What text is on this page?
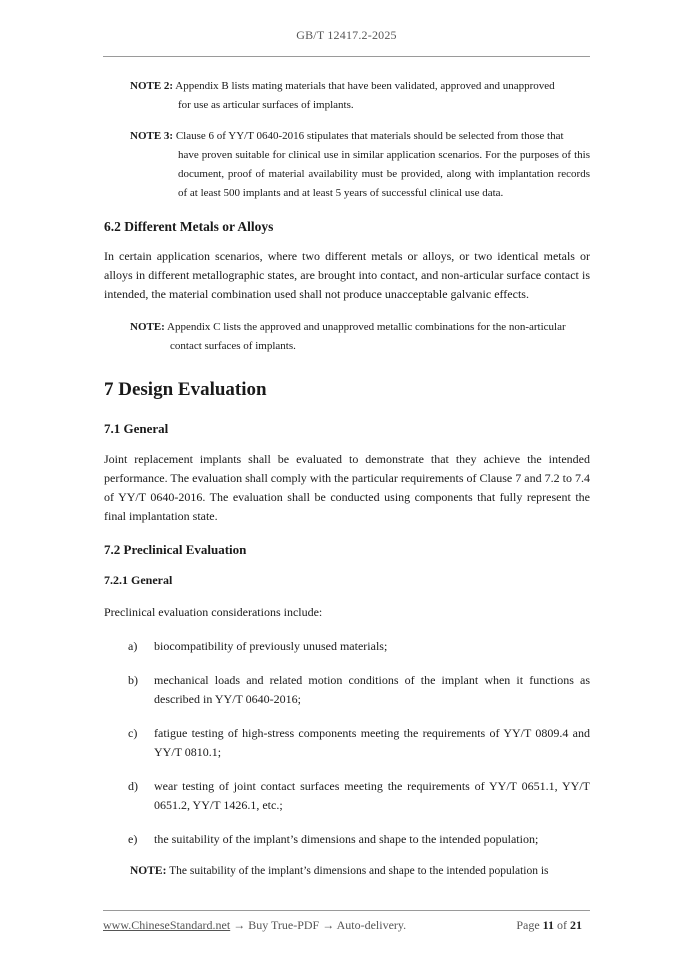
GB/T 12417.2-2025
NOTE 2: Appendix B lists mating materials that have been validated, approved and unapproved
for use as articular surfaces of implants.
NOTE 3: Clause 6 of YY/T 0640-2016 stipulates that materials should be selected from those that
have proven suitable for clinical use in similar application scenarios. For the purposes of this document, proof of material availability must be provided, along with implantation records of at least 500 implants and at least 5 years of successful clinical use data.
6.2 Different Metals or Alloys

In certain application scenarios, where two different metals or alloys, or two identical metals or alloys in different metallographic states, are brought into contact, and non-articular surface contact is intended, the material combination used shall not produce unacceptable galvanic effects.

NOTE: Appendix C lists the approved and unapproved metallic combinations for the non-articular
contact surfaces of implants.
7 Design Evaluation
7.1 General

Joint replacement implants shall be evaluated to demonstrate that they achieve the intended performance. The evaluation shall comply with the particular requirements of Clause 7 and 7.2 to 7.4 of YY/T 0640-2016. The evaluation shall be conducted using components that fully represent the final implantation state.

7.2 Preclinical Evaluation
7.2.1 General

Preclinical evaluation considerations include:

a) biocompatibility of previously unused materials;
b) mechanical loads and related motion conditions of the implant when it functions as described in YY/T 0640-2016;
c) fatigue testing of high-stress components meeting the requirements of YY/T 0809.4 and YY/T 0810.1;
d) wear testing of joint contact surfaces meeting the requirements of YY/T 0651.1, YY/T 0651.2, YY/T 1426.1, etc.;
e) the suitability of the implant’s dimensions and shape to the intended population;
NOTE: The suitability of the implant’s dimensions and shape to the intended population is
www.ChineseStandard.net → Buy True-PDF → Auto-delivery.	Page 11 of 21
